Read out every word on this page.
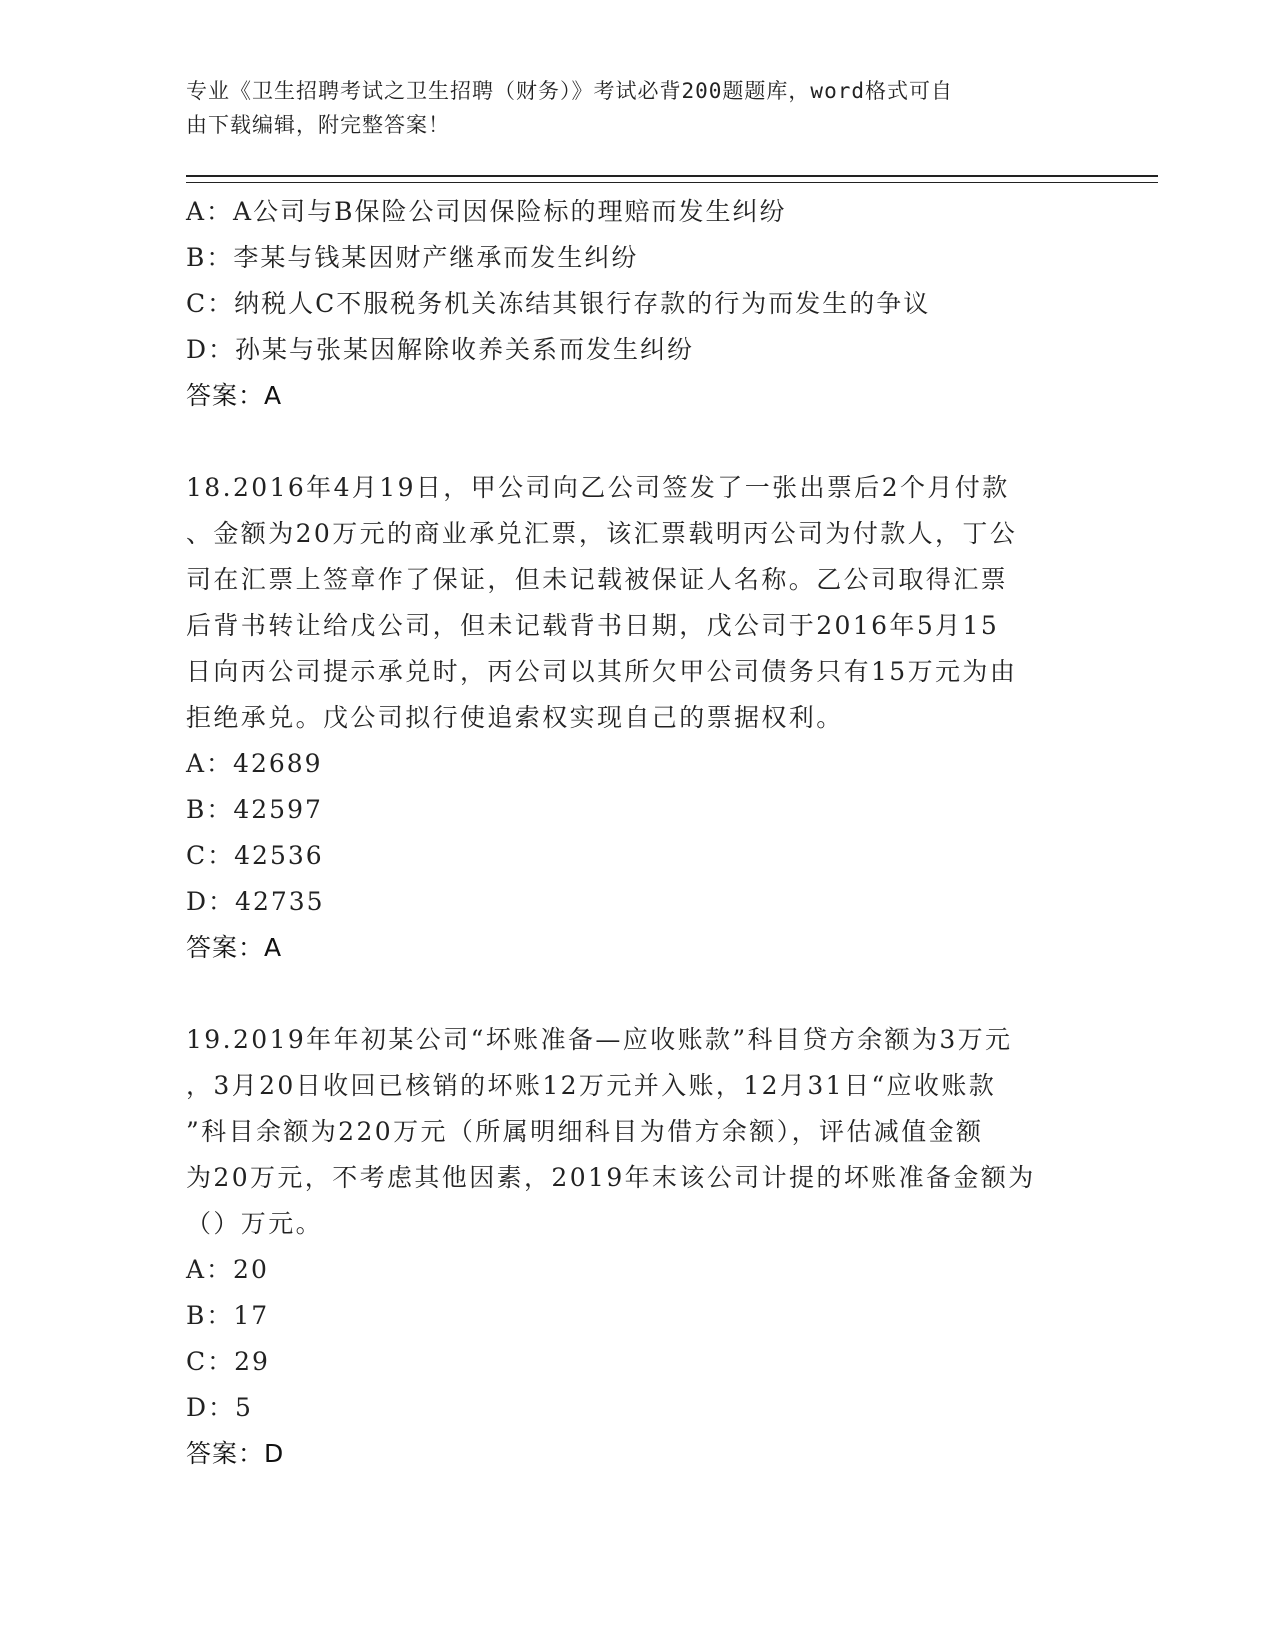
专业《卫生招聘考试之卫生招聘（财务）》考试必背200题题库，word格式可自
由下载编辑，附完整答案！
A：A公司与B保险公司因保险标的理赔而发生纠纷
B：李某与钱某因财产继承而发生纠纷
C：纳税人C不服税务机关冻结其银行存款的行为而发生的争议
D：孙某与张某因解除收养关系而发生纠纷
答案：A
18.2016年4月19日，甲公司向乙公司签发了一张出票后2个月付款
、金额为20万元的商业承兑汇票，该汇票载明丙公司为付款人，丁公
司在汇票上签章作了保证，但未记载被保证人名称。乙公司取得汇票
后背书转让给戊公司，但未记载背书日期，戊公司于2016年5月15
日向丙公司提示承兑时，丙公司以其所欠甲公司债务只有15万元为由
拒绝承兑。戊公司拟行使追索权实现自己的票据权利。
A：42689
B：42597
C：42536
D：42735
答案：A
19.2019年年初某公司“坏账准备—应收账款”科目贷方余额为3万元
，3月20日收回已核销的坏账12万元并入账，12月31日“应收账款
”科目余额为220万元（所属明细科目为借方余额），评估减值金额
为20万元，不考虑其他因素，2019年末该公司计提的坏账准备金额为
（）万元。
A：20
B：17
C：29
D：5
答案：D
